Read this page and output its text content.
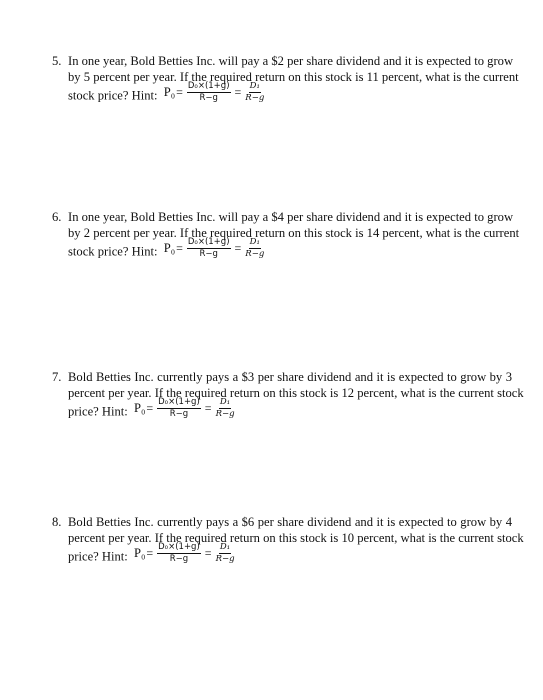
5. In one year, Bold Betties Inc. will pay a $2 per share dividend and it is expected to grow
by 5 percent per year. If the required return on this stock is 11 percent, what is the current
stock price? Hint: $P_0 = \frac{\text{D₀×(1+g)}}{R-g} = \frac{\text{D₁}}{R-g}$
6. In one year, Bold Betties Inc. will pay a $4 per share dividend and it is expected to grow
by 2 percent per year. If the required return on this stock is 14 percent, what is the current
stock price? Hint: $P_0 = \frac{\text{D₀×(1+g)}}{R-g} = \frac{\text{D₁}}{R-g}$
7. Bold Betties Inc. currently pays a $3 per share dividend and it is expected to grow by 3
percent per year. If the required return on this stock is 12 percent, what is the current stock
price? Hint: $P_0 = \frac{\text{D₀×(1+g)}}{R-g} = \frac{\text{D₁}}{R-g}$
8. Bold Betties Inc. currently pays a $6 per share dividend and it is expected to grow by 4
percent per year. If the required return on this stock is 10 percent, what is the current stock
price? Hint: $P_0 = \frac{\text{D₀×(1+g)}}{R-g} = \frac{\text{D₁}}{R-g}$
